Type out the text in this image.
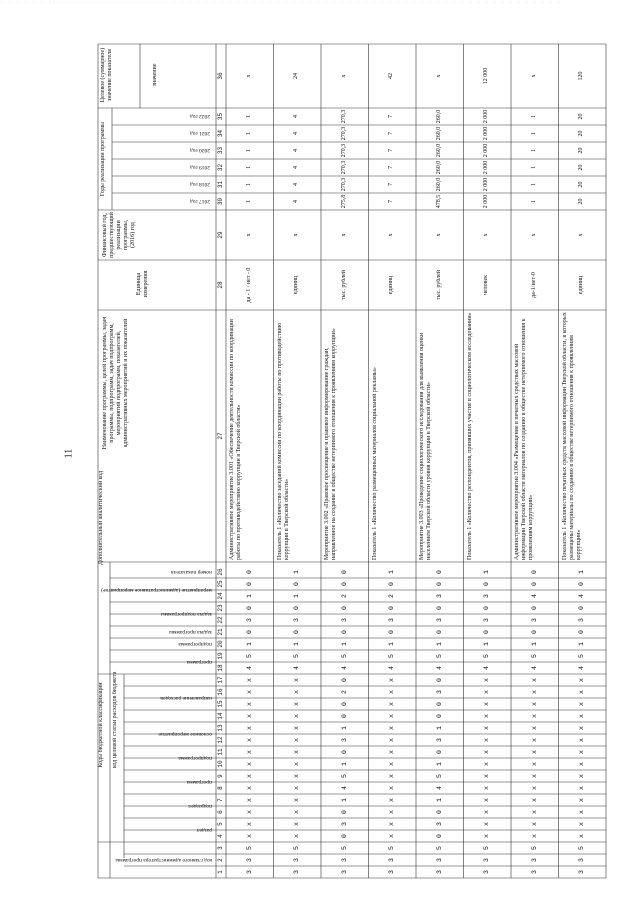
· · · · · · ·· · · · · · · · · · · · · · · · · · · · · · · · · · · · · · · · · · · · · · · · · · · · · · · · · · · · · · · · · · · · · · · ·
11
Коды бюджетной классификации
Дополнительный аналитический код
код целевой статьи расходов бюджета
Наименование программы, целей программы, задач программы, подпрограмм, задач подпрограмм, мероприятий подпрограмм, показателей, административных мероприятий и их показателей
Единица измерения
Финансовый год, предшествующий реализации программы, (2016) год
Годы реализации программы
Целевое (суммарное) значение показателя	значение
код главного администратора программы
раздел
подраздел
программа
подпрограмма
основное мероприятие
направление расходов
программа
подпрограмма
задача программы
задача подпрограммы
мероприятие (административное мероприятие)
номер показателя
2017 год
2018 год
2019 год
2020 год
2021 год
2022 год
1
2
3
4
5
6
7
8
9
10
11
12
13
14
15
16
17
18
19
20
21
22
23
24
25
26
27
28
29
30
31
32
33
34
35
36
3
3
5
x
x
x
x
x
x
x
x
x
x
x
x
x
x
4
5
1
0
3
0
1
0
0
Административное мероприятие 3.001 «Обеспечение деятельности комиссии по координации работы по противодействию коррупции в Тверской области»
да - 1 / нет - 0
x
1
1
1
1
1
1
x
3
3
5
x
x
x
x
x
x
x
x
x
x
x
x
x
x
4
5
1
0
3
0
1
0
1
Показатель 1 «Количество заседаний комиссии по координации работы по противодействию коррупции в Тверской области»
единиц
x
4
4
4
4
4
4
24
3
3
5
0
3
0
1
4
5
1
0
3
1
0
0
2
0
4
5
1
0
3
0
2
0
0
Мероприятие 3.002 «Правовое просвещение и правовое информирование граждан, направленное на создание в обществе нетерпимого отношения к проявлениям коррупции»
тыс. рублей
x
275,8
270,3
270,3
270,3
270,3
270,3
x
3
3
5
x
x
x
x
x
x
x
x
x
x
x
x
x
x
4
5
1
0
3
0
2
0
1
Показатель 1 «Количество размещенных материалов социальной рекламы»
единиц
x
7
7
7
7
7
7
42
3
3
5
0
3
0
1
4
5
1
0
3
1
0
0
3
0
4
5
1
0
3
0
3
0
0
Мероприятие 3.003 «Проведение социологического исследования для выявления оценки населением Тверской области уровня коррупции в Тверской области»
тыс. рублей
x
478,5
260,0
260,0
260,0
260,0
260,0
x
3
3
5
x
x
x
x
x
x
x
x
x
x
x
x
x
x
4
5
1
0
3
0
3
0
1
Показатель 1 «Количество респондентов, принявших участие в социологическом исследовании»
человек
x
2 000
2 000
2 000
2 000
2 000
2 000
12 000
3
3
5
x
x
x
x
x
x
x
x
x
x
x
x
x
x
4
5
1
0
3
0
4
0
0
Административное мероприятие 3.004 «Размещение в печатных средствах массовой информации Тверской области материалов по созданию в обществе нетерпимого отношения к проявлениям коррупции»
да-1/нет-0
x
1
1
1
1
1
1
x
3
3
5
x
x
x
x
x
x
x
x
x
x
x
x
x
x
4
5
1
0
3
0
4
0
1
Показатель 1 «Количество печатных средств массовой информации Тверской области, в которых размещены материалы по созданию в обществе нетерпимого отношения к проявлениям коррупции»
единиц
x
20
20
20
20
20
20
120
